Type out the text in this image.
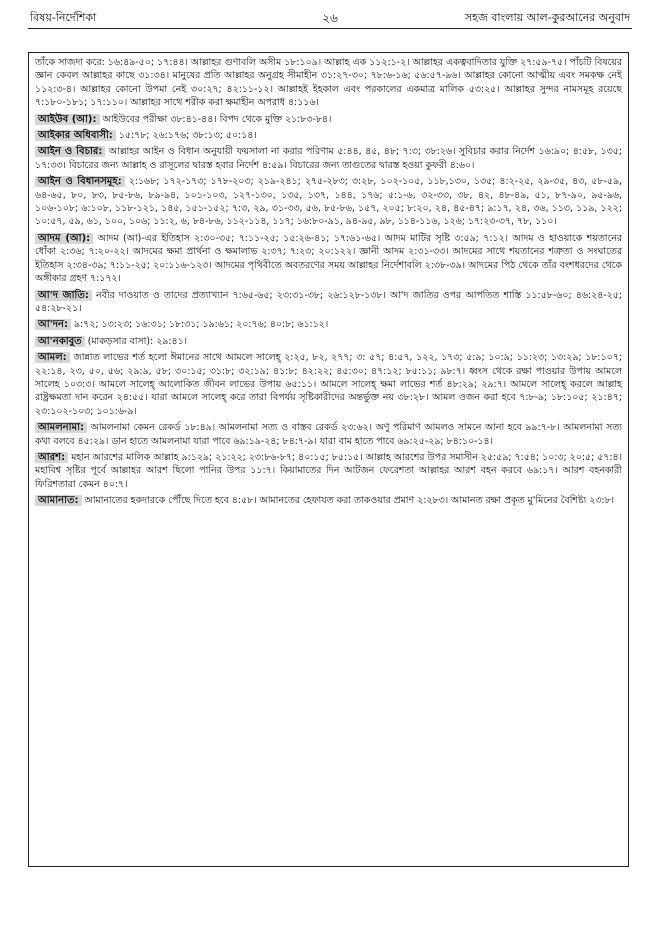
বিষয়-নির্দেশিকা	২৬	সহজ বাংলায় আল-কুরআনের অনুবাদ

তাঁকে সাজদা করে: ১৬:৪৯-৫০; ১৭:৪৪। আল্লাহর গুণাবলি অসীম ১৮:১০৯। আল্লাহ এক ১১২:১-২। আল্লাহর একত্ববাদিতার যুক্তি ২৭:৫৯-৭৫। পাঁচটি বিষয়ের জ্ঞান কেবল আল্লাহর কাছে ৩১:৩৪। মানুষের প্রতি আল্লাহর অনুগ্রহ সীমাহীন ৩১:২৭-৩০; ৭৮:৬-১৬; ৫৬:৫৭-৯৬। আল্লাহর কোনো আত্মীয় এবং সমকক্ষ নেই ১১২:৩-৪। আল্লাহর কোনো উপমা নেই ৩০:২৭; ৪২:১১-১২। আল্লাহই ইহকাল এবং পরকালের একমাত্র মালিক ৫৩:২৫। আল্লাহর সুন্দর নামসমূহ রয়েছে ৭:১৮০-১৮১; ১৭:১১০। আল্লাহর সাথে শরীক করা ক্ষমাহীন অপরাধ ৪:১১৬।

আইউব (আ): আইউবের পরীক্ষা ৩৮:৪১-৪৪। বিপদ থেকে মুক্তি ২১:৮৩-৮৪।

আইকার অধিবাসী: ১৫:৭৮; ২৬:১৭৬; ৩৮:১৩; ৫০:১৪।

আইন ও বিচার: আল্লাহর আইন ও বিধান অনুযায়ী ফয়সালা না করার পরিণাম ৫:৪৪, ৪৫, ৪৮; ৭:৩; ৩৮:২৬। সুবিচার করার নির্দেশ ১৬:৯০; ৪:৫৮, ১৩৫; ১৭:৩৩। বিচারের জন্য আল্লাহ ও রাসূলের দ্বারস্ত হবার নির্দেশ ৪:৫৯। বিচারের জন্য তাগুতের দ্বারস্ত হওয়া কুফরী ৪:৬০।

আইন ও বিধানসমূহ: ২:১৬৮; ১৭২-১৭৩; ১৭৮-২০৩; ২১৯-২৪১; ২৭৫-২৮৩; ৩:২৮, ১০২-১০৫, ১১৮,১৩০, ১৩৫; ৪:২-২৫, ২৯-৩৫, ৪৩, ৫৮-৫৯, ৬৪-৬৫, ৮০, ৮৩, ৮৫-৮৬, ৮৯-৯৪, ১০১-১০৩, ১২৭-১৩০, ১৩৫, ১৩৭, ১৪৪, ১৭৬; ৫:১-৬, ৩২-৩৩, ৩৮, ৪২, ৪৮-৪৯, ৫১, ৮৭-৯০, ৯৫-৯৬, ১০৬-১০৮; ৬:১০৮, ১১৮-১২১, ১৪৫, ১৫১-১৫২; ৭:৩, ২৯, ৩১-৩৩, ৫৬, ৮৫-৮৬, ১৫৭, ২০৫; ৮:২০, ২৪, ৪৫-৪৭; ৯:১৭, ২৪, ৩৬, ১১৩, ১১৯, ১২২; ১০:৫৭, ৫৯, ৬১, ১০০, ১০৬; ১১:২, ৬, ৮৪-৮৬, ১১২-১১৪, ১১৭; ১৬:৮০-৯১, ৯৪-৯৫, ৯৮, ১১৪-১১৬, ১২৬; ১৭:২৩-৩৭, ৭৮, ১১০।

আদম (আ): আদম (আ)-এর ইতিহাস ২:৩০-৩৫; ৭:১১-২৫; ১৫:২৬-৪১; ১৭:৬১-৬৫। আদম মাটির সৃষ্টি ৩:৫৯; ৭:১২। আদম ও হাওয়াকে শয়তানের ধোঁকা ২:৩৬; ৭:২০-২২। আদমের ক্ষমা প্রার্থনা ও ক্ষমালাভ ২:৩৭; ৭:২৩; ২০:১২২। জ্ঞানী আদম ২:৩১-৩৩। আদমের সাথে শয়তানের শত্রুতা ও সংঘাতের ইতিহাস ২:৩৪-৩৯; ৭:১১-২৫; ২০:১১৬-১২৩। আদমের পৃথিবীতে অবতরণের সময় আল্লাহর নির্দেশাবলি ২:৩৮-৩৯। আদমের পিঠ থেকে তাঁর বংশধরদের থেকে অঙ্গীকার গ্রহণ ৭:১৭২।

আ'দ জাতি: নবীর দাওয়াত ও তাদের প্রত্যাখ্যান ৭:৬৫-৬৫; ২৩:৩১-৩৮; ২৬:১২৮-১৩৮। আ'দ জাতির ওপর আপতিত শাস্তি ১১:৫৮-৬০; ৪৬:২৪-২৫; ৫৪:২৮-২১।

আ'দন: ৯:৭২; ১৩:২৩; ১৬:৩১; ১৮:৩১; ১৯:৬১; ২০:৭৬; ৪০:৮; ৬১:১২।

আ'নকাবুত (মাকড়সার বাসা): ২৯:৪১।

আমল: জান্নাত লাভের শর্ত হলো ঈমানের সাথে আমলে সালেহ্ ২:২৫, ৮২, ২৭৭; ৩: ৫৭; ৪:৫৭, ১২২, ১৭৩; ৫:৯; ১০:৯; ১১:২৩; ১৩:২৯; ১৮:১০৭; ২২:১৪, ২৩, ৫০, ৫৬; ২৯:৯, ৫৮; ৩০:১৫; ৩১:৮; ৩২:১৯; ৪১:৮; ৪২:২২; ৪৫:৩০; ৪৭:১২; ৮৫:১১; ৯৮:৭। ধ্বংস থেকে রক্ষা পাওয়ার উপায় আমলে সালেহ ১০৩:৩। আমলে সালেহ্ আলোকিত জীবন লাভের উপায় ৬৫:১১। আমলে সালেহ্ ক্ষমা লাভের শর্ত ৪৮:২৯; ২৯:৭। আমলে সালেহ্ করলে আল্লাহ রাষ্ট্রক্ষমতা দান করেন ২৪:৫৫। যারা আমলে সালেহ্ করে তারা বিপর্যয় সৃষ্টিকারীদের অন্তর্ভুক্ত নয় ৩৮:২৮। আমল ওজন করা হবে ৭:৮-৯; ১৮:১০৫; ২১:৪৭; ২৩:১০২-১০৩; ১০১:৬-৯।

আমলনামা: আমলনামা কেমন রেকর্ড ১৮:৪৯। আমলনামা সত্য ও বাস্তব রেকর্ড ২৩:৬২। অণু পরিমাণ আমলও সামনে আনা হবে ৯৯:৭-৮। আমলনামা সত্য কথা বলবে ৪৫:২৯। ডান হাতে আমলনামা যারা পাবে ৬৯:১৯-২৪; ৮৪:৭-৯। যারা বাম হাতে পাবে ৬৯:২৫-২৯; ৮৪:১০-১৪।

আরশ: মহান আরশের মালিক আল্লাহ ৯:১২৯; ২১:২২; ২৩:৮৬-৮৭; ৪০:১৫; ৮৫:১৫। আল্লাহ আরশের উপর সমাসীন ২৫:৫৯; ৭:৫৪; ১০:৩; ২০:৫; ৫৭:৪। মহাবিশ্ব সৃষ্টির পূর্বে আল্লাহর আরশ ছিলো পানির উপর ১১:৭। কিয়ামাতের দিন আটজন ফেরেশতা আল্লাহর আরশ বহন করবে ৬৯:১৭। আরশ বহনকারী ফিরিশতারা কেমন ৪০:৭।

আমানাত: আমানাতের হকদারকে পৌঁছে দিতে হবে ৪:৫৮। আমানতের হেফাযত করা তাকওয়ার প্রমাণ ২:২৮৩। আমানত রক্ষা প্রকৃত মু'মিনের বৈশিষ্ট্য ২৩:৮।
